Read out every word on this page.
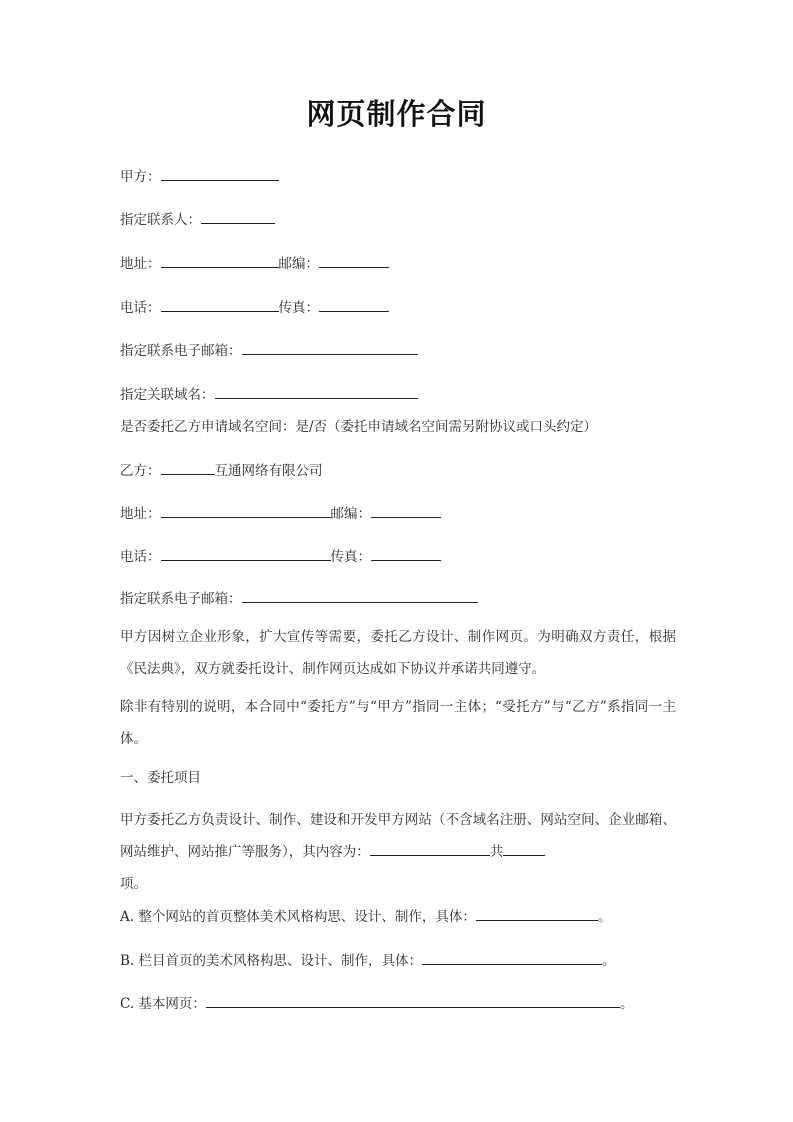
网页制作合同
甲方：
指定联系人：
地址：	邮编：
电话：	传真：
指定联系电子邮箱：
指定关联域名：
是否委托乙方申请域名空间：是/否（委托申请域名空间需另附协议或口头约定）
乙方：	互通网络有限公司
地址：	邮编：
电话：	传真：
指定联系电子邮箱：
甲方因树立企业形象，扩大宣传等需要，委托乙方设计、制作网页。为明确双方责任，根据《民法典》，双方就委托设计、制作网页达成如下协议并承诺共同遵守。
除非有特别的说明，本合同中“委托方”与“甲方”指同一主体；“受托方”与“乙方”系指同一主体。
一、委托项目
甲方委托乙方负责设计、制作、建设和开发甲方网站（不含域名注册、网站空间、企业邮箱、网站维护、网站推广等服务），其内容为：	共
项。
A. 整个网站的首页整体美术风格构思、设计、制作，具体：	。
B. 栏目首页的美术风格构思、设计、制作，具体：	。
C. 基本网页：	。
